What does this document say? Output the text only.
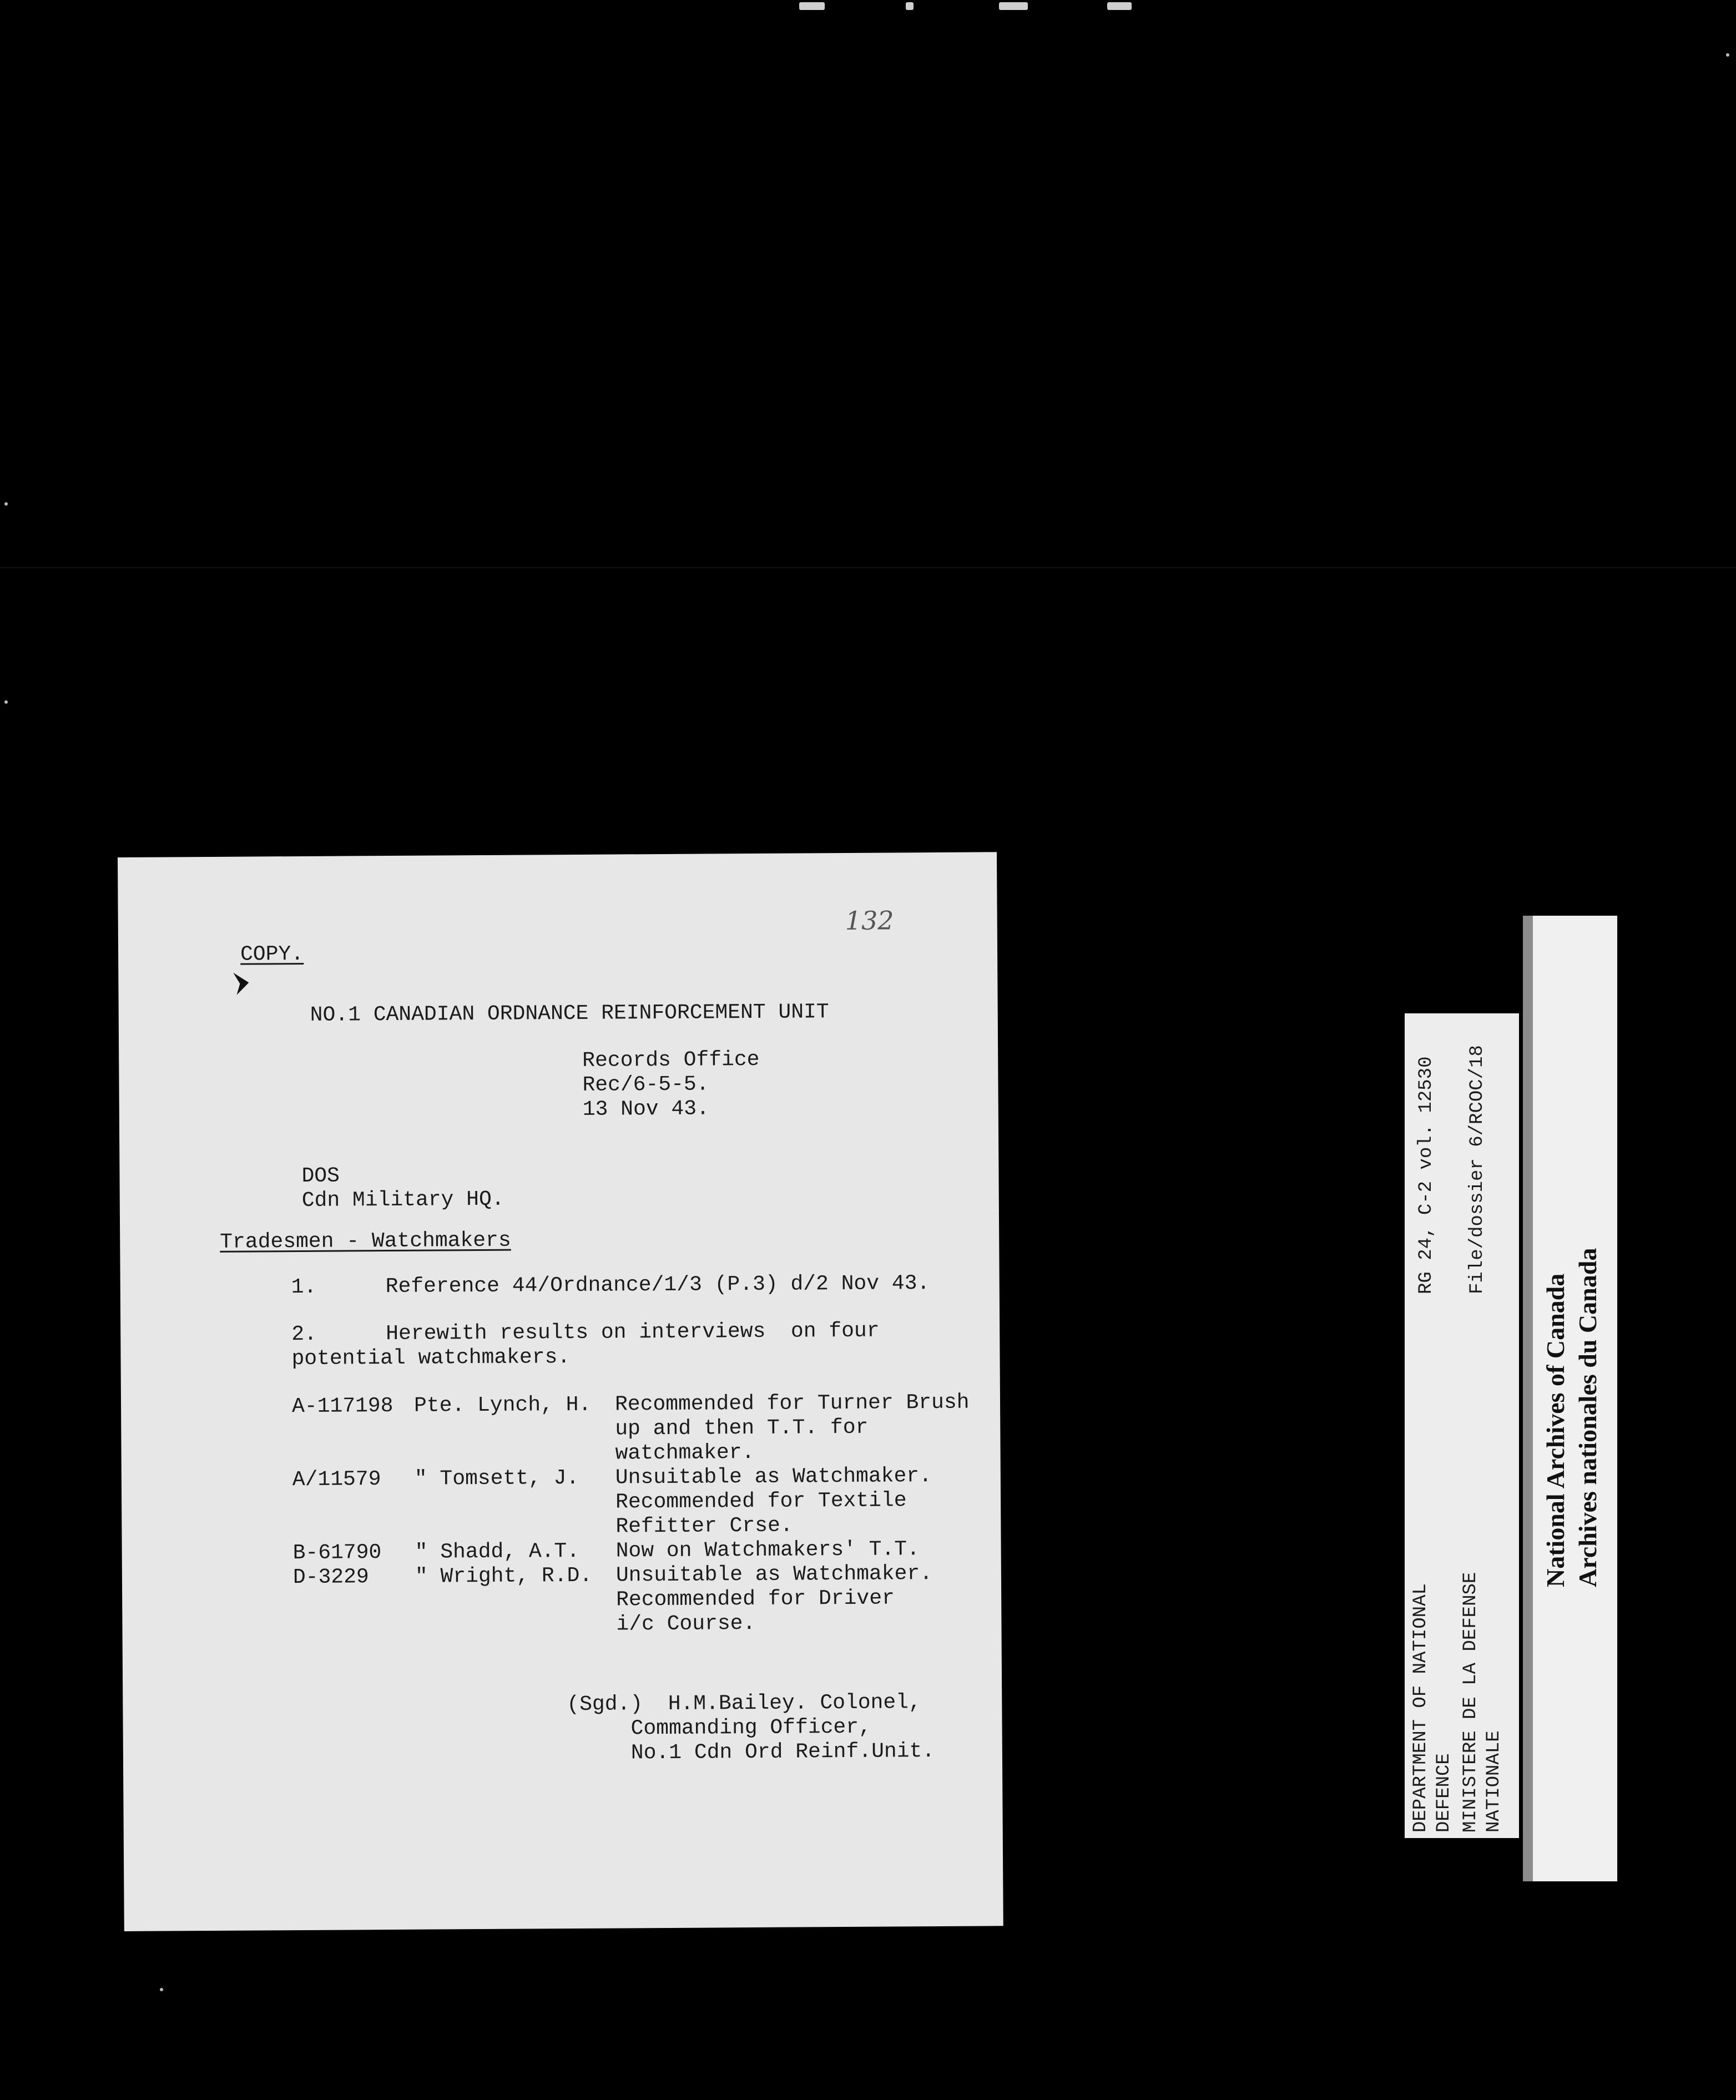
132
COPY.
NO.1 CANADIAN ORDNANCE REINFORCEMENT UNIT
Records Office
Rec/6-5-5.
13 Nov 43.
DOS
Cdn Military HQ.
Tradesmen - Watchmakers
1.	Reference 44/Ordnance/1/3 (P.3) d/2 Nov 43.
2.	Herewith results on interviews  on four
potential watchmakers.
A-117198 Pte. Lynch, H. Recommended for Turner Brush
up and then T.T. for
watchmaker.
A/11579 " Tomsett, J. Unsuitable as Watchmaker.
Recommended for Textile
Refitter Crse.
B-61790 " Shadd, A.T. Now on Watchmakers' T.T.
D-3229 " Wright, R.D. Unsuitable as Watchmaker.
Recommended for Driver
i/c Course.
(Sgd.)  H.M.Bailey. Colonel,
Commanding Officer,
No.1 Cdn Ord Reinf.Unit.	DEPARTMENT OF NATIONAL DEFENCE MINISTERE DE LA DEFENSE NATIONALE
RG 24, C-2 vol. 12530 File/dossier 6/RCOC/18
National Archives of Canada Archives nationales du Canada
